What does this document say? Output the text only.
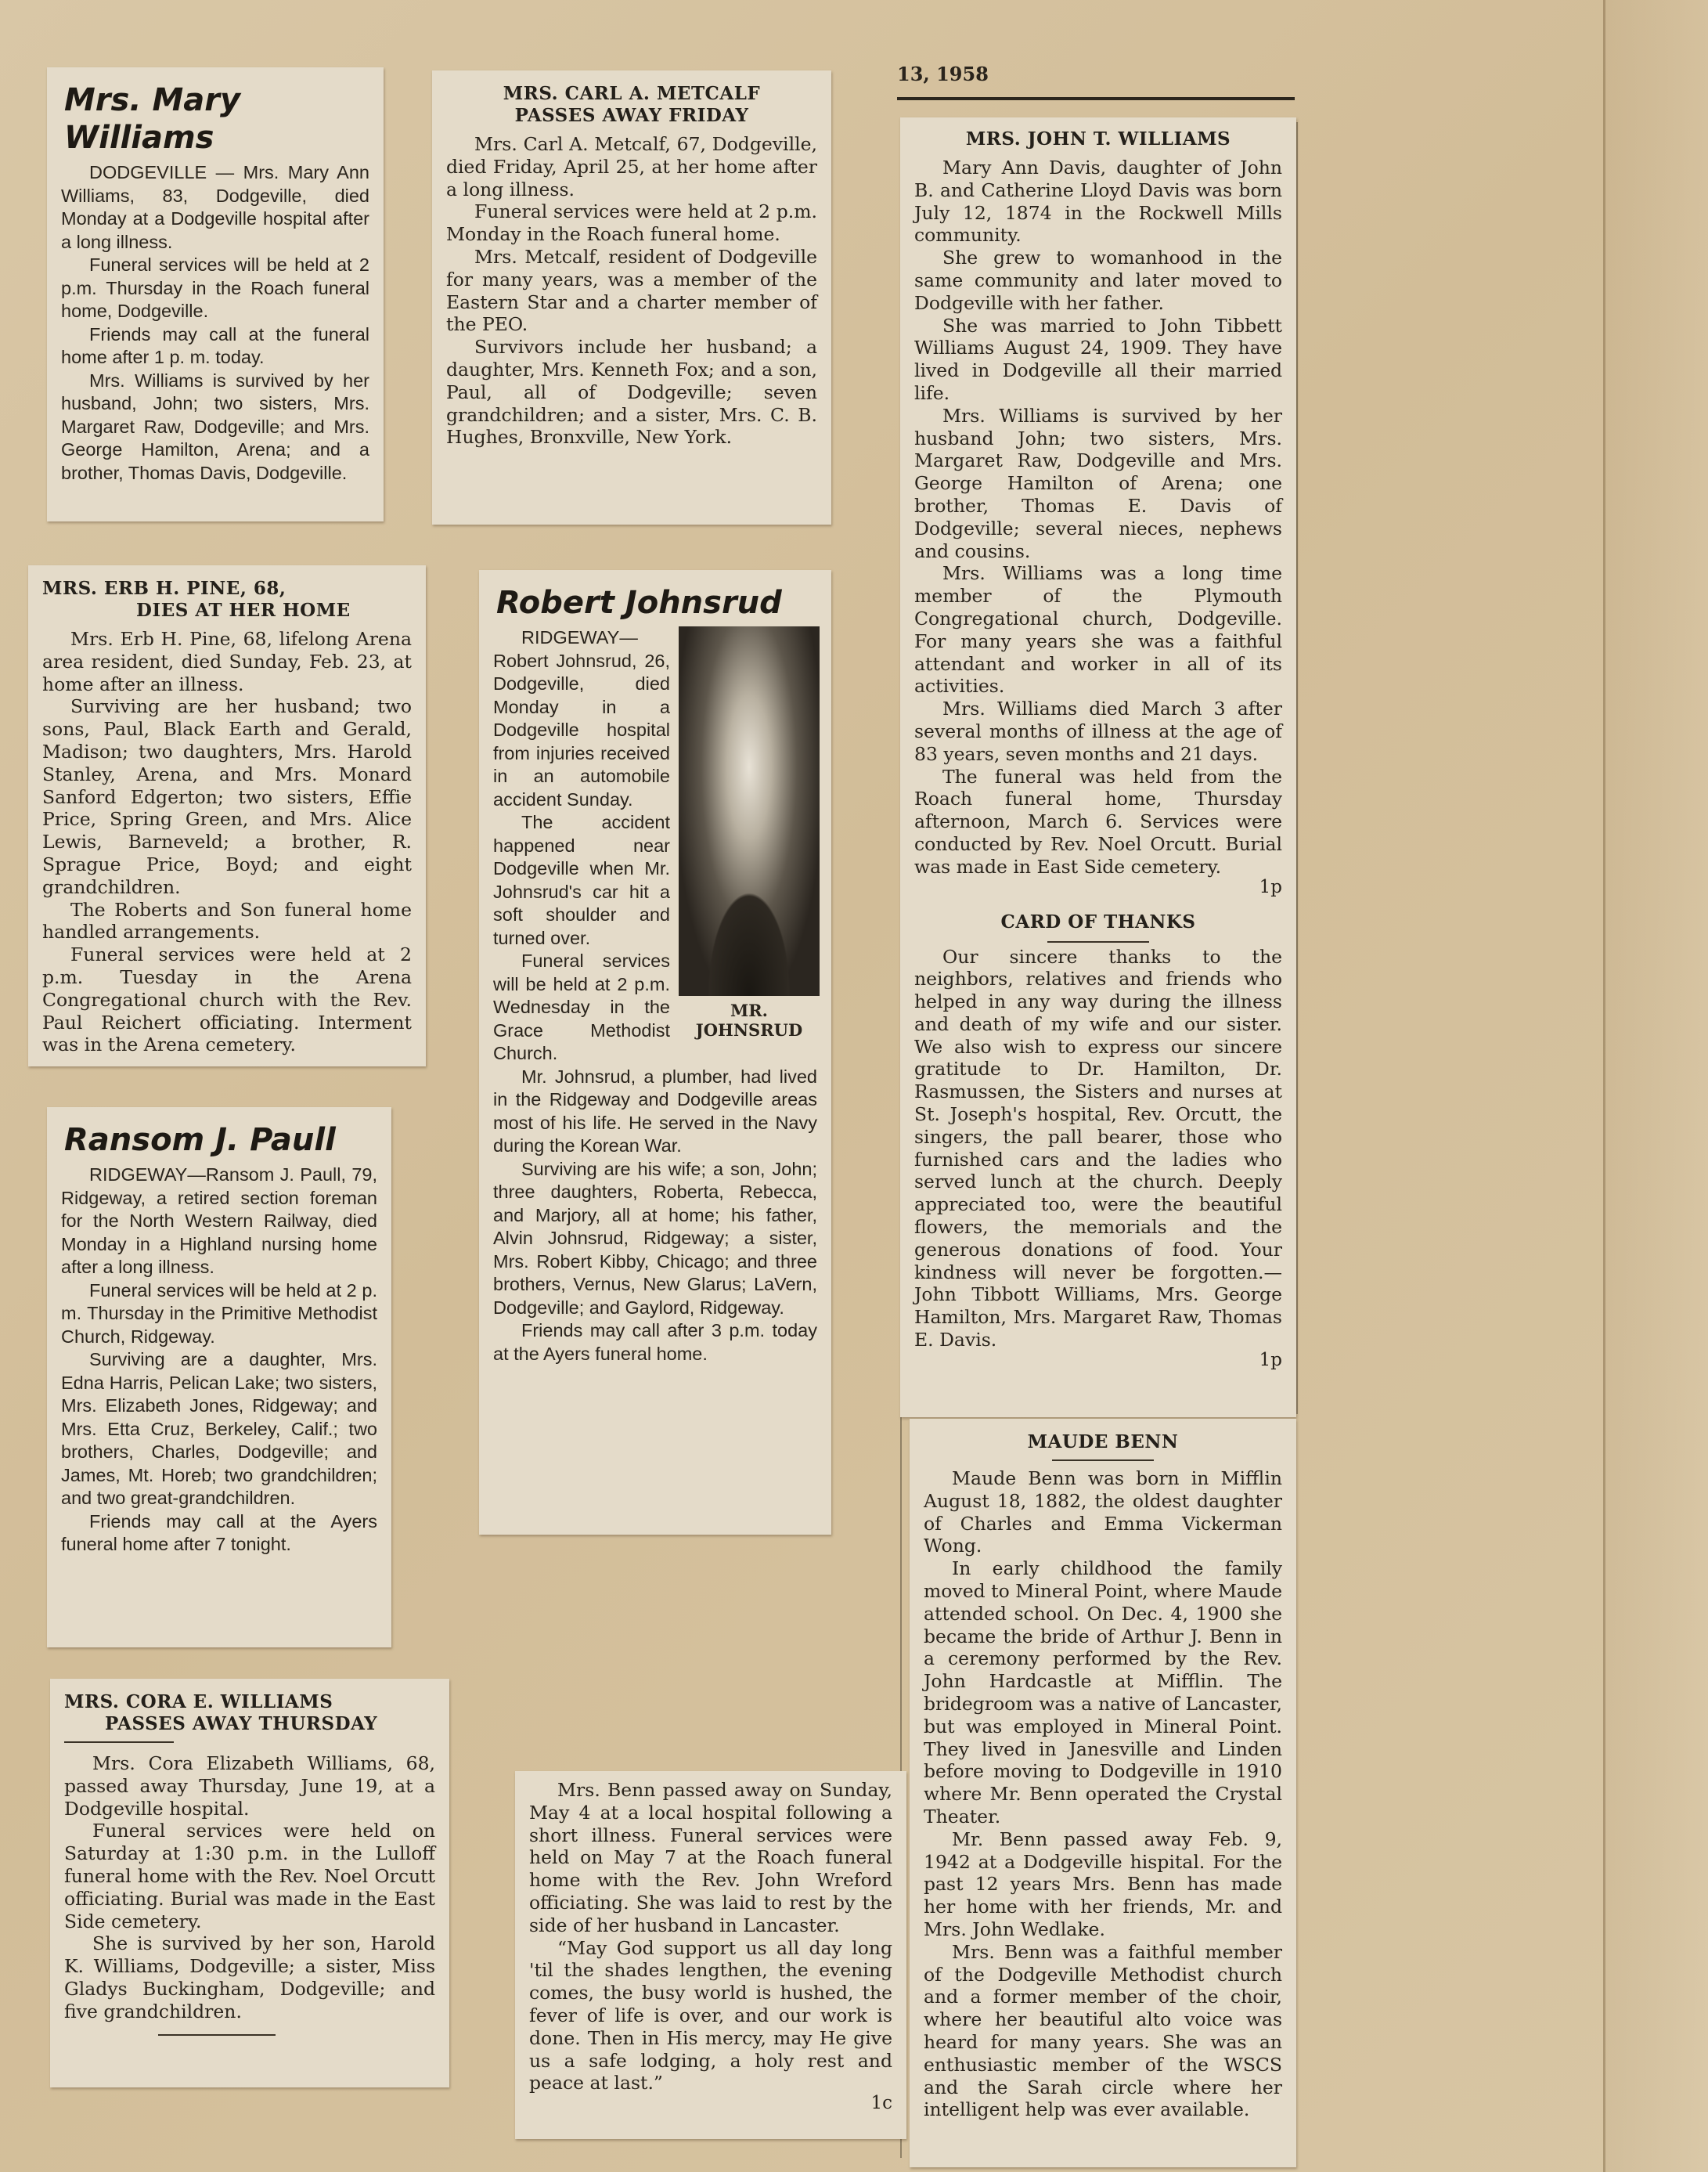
13, 1958
Mrs. Mary Williams

DODGEVILLE — Mrs. Mary Ann Williams, 83, Dodgeville, died Monday at a Dodgeville hospital after a long illness.

Funeral services will be held at 2 p.m. Thursday in the Roach funeral home, Dodgeville.

Friends may call at the funeral home after 1 p. m. today.

Mrs. Williams is survived by her husband, John; two sisters, Mrs. Margaret Raw, Dodgeville; and Mrs. George Hamilton, Arena; and a brother, Thomas Davis, Dodgeville.

MRS. CARL A. METCALF
PASSES AWAY FRIDAY

Mrs. Carl A. Metcalf, 67, Dodgeville, died Friday, April 25, at her home after a long illness.

Funeral services were held at 2 p.m. Monday in the Roach funeral home.

Mrs. Metcalf, resident of Dodgeville for many years, was a member of the Eastern Star and a charter member of the PEO.

Survivors include her husband; a daughter, Mrs. Kenneth Fox; and a son, Paul, all of Dodgeville; seven grandchildren; and a sister, Mrs. C. B. Hughes, Bronxville, New York.

MRS. JOHN T. WILLIAMS

Mary Ann Davis, daughter of John B. and Catherine Lloyd Davis was born July 12, 1874 in the Rockwell Mills community.

She grew to womanhood in the same community and later moved to Dodgeville with her father.

She was married to John Tibbett Williams August 24, 1909. They have lived in Dodgeville all their married life.

Mrs. Williams is survived by her husband John; two sisters, Mrs. Margaret Raw, Dodgeville and Mrs. George Hamilton of Arena; one brother, Thomas E. Davis of Dodgeville; several nieces, nephews and cousins.

Mrs. Williams was a long time member of the Plymouth Congregational church, Dodgeville. For many years she was a faithful attendant and worker in all of its activities.

Mrs. Williams died March 3 after several months of illness at the age of 83 years, seven months and 21 days.

The funeral was held from the Roach funeral home, Thursday afternoon, March 6. Services were conducted by Rev. Noel Orcutt. Burial was made in East Side cemetery.

1p
CARD OF THANKS

Our sincere thanks to the neighbors, relatives and friends who helped in any way during the illness and death of my wife and our sister. We also wish to express our sincere gratitude to Dr. Hamilton, Dr. Rasmussen, the Sisters and nurses at St. Joseph's hospital, Rev. Orcutt, the singers, the pall bearer, those who furnished cars and the ladies who served lunch at the church. Deeply appreciated too, were the beautiful flowers, the memorials and the generous donations of food. Your kindness will never be forgotten.—John Tibbott Williams, Mrs. George Hamilton, Mrs. Margaret Raw, Thomas E. Davis.

1p
MRS. ERB H. PINE, 68,
DIES AT HER HOME

Mrs. Erb H. Pine, 68, lifelong Arena area resident, died Sunday, Feb. 23, at home after an illness.

Surviving are her husband; two sons, Paul, Black Earth and Gerald, Madison; two daughters, Mrs. Harold Stanley, Arena, and Mrs. Monard Sanford Edgerton; two sisters, Effie Price, Spring Green, and Mrs. Alice Lewis, Barneveld; a brother, R. Sprague Price, Boyd; and eight grandchildren.

The Roberts and Son funeral home handled arrangements.

Funeral services were held at 2 p.m. Tuesday in the Arena Congregational church with the Rev. Paul Reichert officiating. Interment was in the Arena cemetery.

Robert Johnsrud
MR.
JOHNSRUD

RIDGEWAY—Robert Johnsrud, 26, Dodgeville, died Monday in a Dodgeville hospital from injuries received in an automobile accident Sunday.

The accident happened near Dodgeville when Mr. Johnsrud's car hit a soft shoulder and turned over.

Funeral services will be held at 2 p.m. Wednesday in the Grace Methodist Church.

Mr. Johnsrud, a plumber, had lived in the Ridgeway and Dodgeville areas most of his life. He served in the Navy during the Korean War.

Surviving are his wife; a son, John; three daughters, Roberta, Rebecca, and Marjory, all at home; his father, Alvin Johnsrud, Ridgeway; a sister, Mrs. Robert Kibby, Chicago; and three brothers, Vernus, New Glarus; LaVern, Dodgeville; and Gaylord, Ridgeway.

Friends may call after 3 p.m. today at the Ayers funeral home.

Ransom J. Paull

RIDGEWAY—Ransom J. Paull, 79, Ridgeway, a retired section foreman for the North Western Railway, died Monday in a Highland nursing home after a long illness.

Funeral services will be held at 2 p. m. Thursday in the Primitive Methodist Church, Ridgeway.

Surviving are a daughter, Mrs. Edna Harris, Pelican Lake; two sisters, Mrs. Elizabeth Jones, Ridgeway; and Mrs. Etta Cruz, Berkeley, Calif.; two brothers, Charles, Dodgeville; and James, Mt. Horeb; two grandchildren; and two great-grandchildren.

Friends may call at the Ayers funeral home after 7 tonight.

MAUDE BENN

Maude Benn was born in Mifflin August 18, 1882, the oldest daughter of Charles and Emma Vickerman Wong.

In early childhood the family moved to Mineral Point, where Maude attended school. On Dec. 4, 1900 she became the bride of Arthur J. Benn in a ceremony performed by the Rev. John Hardcastle at Mifflin. The bridegroom was a native of Lancaster, but was employed in Mineral Point. They lived in Janesville and Linden before moving to Dodgeville in 1910 where Mr. Benn operated the Crystal Theater.

Mr. Benn passed away Feb. 9, 1942 at a Dodgeville hispital. For the past 12 years Mrs. Benn has made her home with her friends, Mr. and Mrs. John Wedlake.

Mrs. Benn was a faithful member of the Dodgeville Methodist church and a former member of the choir, where her beautiful alto voice was heard for many years. She was an enthusiastic member of the WSCS and the Sarah circle where her intelligent help was ever available.

MRS. CORA E. WILLIAMS
PASSES AWAY THURSDAY

Mrs. Cora Elizabeth Williams, 68, passed away Thursday, June 19, at a Dodgeville hospital.

Funeral services were held on Saturday at 1:30 p.m. in the Lulloff funeral home with the Rev. Noel Orcutt officiating. Burial was made in the East Side cemetery.

She is survived by her son, Harold K. Williams, Dodgeville; a sister, Miss Gladys Buckingham, Dodgeville; and five grandchildren.

Mrs. Benn passed away on Sunday, May 4 at a local hospital following a short illness. Funeral services were held on May 7 at the Roach funeral home with the Rev. John Wreford officiating. She was laid to rest by the side of her husband in Lancaster.

“May God support us all day long 'til the shades lengthen, the evening comes, the busy world is hushed, the fever of life is over, and our work is done. Then in His mercy, may He give us a safe lodging, a holy rest and peace at last.”

1c
